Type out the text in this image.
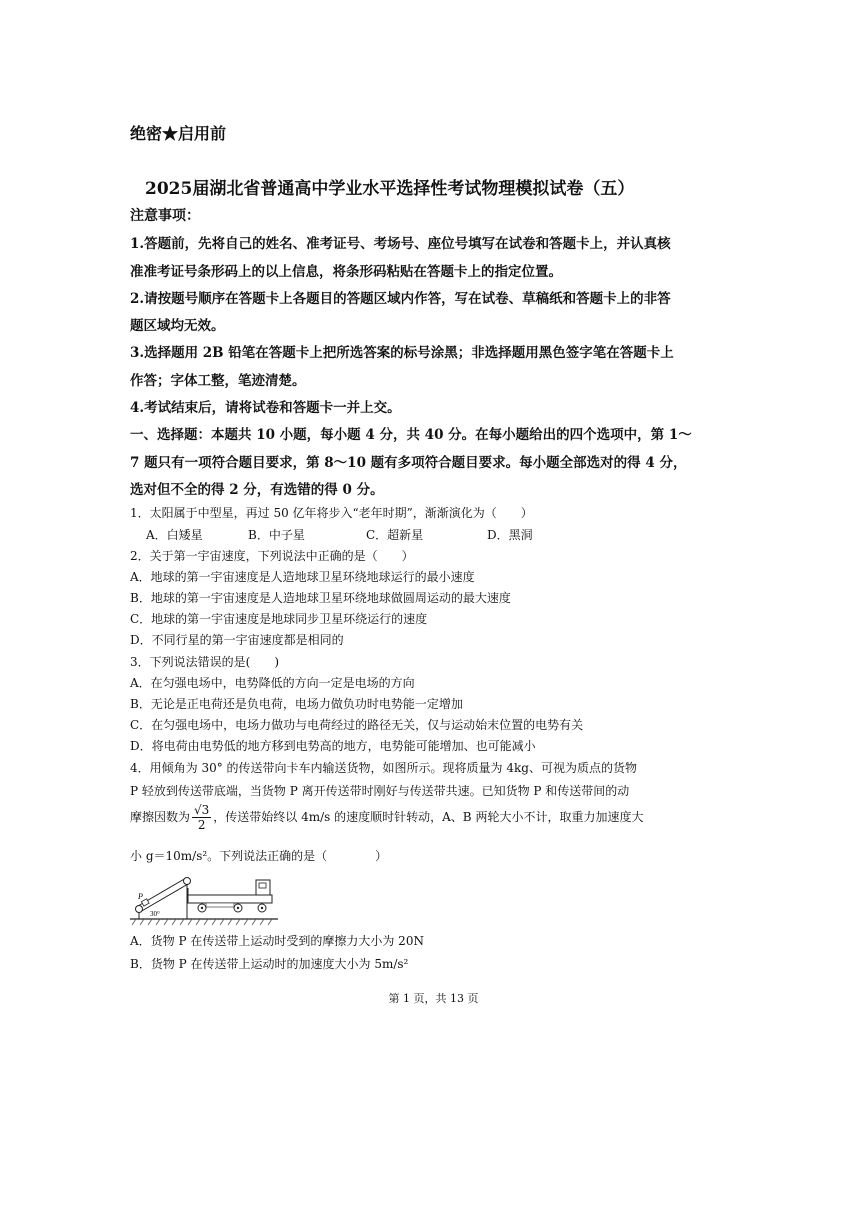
绝密★启用前
2025届湖北省普通高中学业水平选择性考试物理模拟试卷（五）
注意事项：
1.答题前，先将自己的姓名、准考证号、考场号、座位号填写在试卷和答题卡上，并认真核
准准考证号条形码上的以上信息，将条形码粘贴在答题卡上的指定位置。
2.请按题号顺序在答题卡上各题目的答题区域内作答，写在试卷、草稿纸和答题卡上的非答
题区域均无效。
3.选择题用 2B 铅笔在答题卡上把所选答案的标号涂黑；非选择题用黑色签字笔在答题卡上
作答；字体工整，笔迹清楚。
4.考试结束后，请将试卷和答题卡一并上交。
一、选择题：本题共 10 小题，每小题 4 分，共 40 分。在每小题给出的四个选项中，第 1～
7 题只有一项符合题目要求，第 8～10 题有多项符合题目要求。每小题全部选对的得 4 分，
选对但不全的得 2 分，有选错的得 0 分。
1．太阳属于中型星，再过 50 亿年将步入“老年时期”，渐渐演化为（　　）
A．白矮星	B．中子星	C．超新星	D．黑洞
2．关于第一宇宙速度，下列说法中正确的是（　　）
A．地球的第一宇宙速度是人造地球卫星环绕地球运行的最小速度
B．地球的第一宇宙速度是人造地球卫星环绕地球做圆周运动的最大速度
C．地球的第一宇宙速度是地球同步卫星环绕运行的速度
D．不同行星的第一宇宙速度都是相同的
3．下列说法错误的是(　　)
A．在匀强电场中，电势降低的方向一定是电场的方向
B．无论是正电荷还是负电荷，电场力做负功时电势能一定增加
C．在匀强电场中，电场力做功与电荷经过的路径无关，仅与运动始末位置的电势有关
D．将电荷由电势低的地方移到电势高的地方，电势能可能增加、也可能减小
4．用倾角为 30° 的传送带向卡车内输送货物，如图所示。现将质量为 4kg、可视为质点的货物
P 轻放到传送带底端，当货物 P 离开传送带时刚好与传送带共速。已知货物 P 和传送带间的动
摩擦因数为 $\frac{√3}{2}$ ，传送带始终以 4m/s 的速度顺时针转动，A、B 两轮大小不计，取重力加速度大
小 g＝10m/s²。下列说法正确的是（　　　　）
P
30°
A．货物 P 在传送带上运动时受到的摩擦力大小为 20N
B．货物 P 在传送带上运动时的加速度大小为 5m/s²
第 1 页，共 13 页
